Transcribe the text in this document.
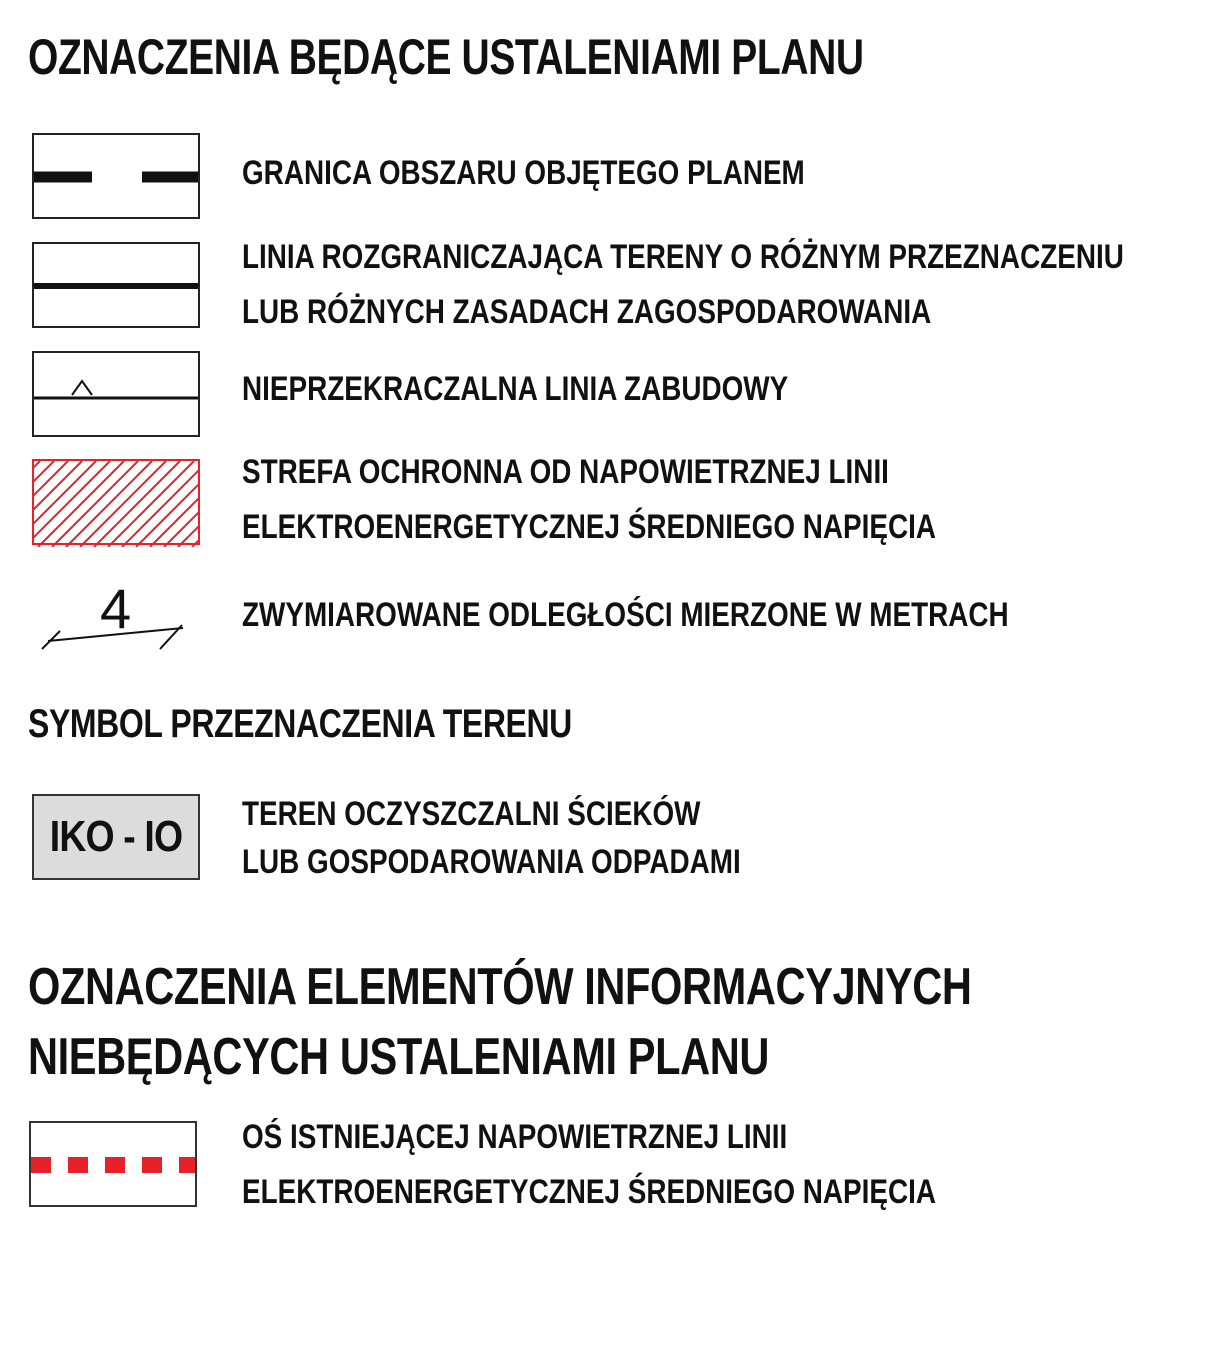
OZNACZENIA BĘDĄCE USTALENIAMI PLANU
GRANICA OBSZARU OBJĘTEGO PLANEM
LINIA ROZGRANICZAJĄCA TERENY O RÓŻNYM PRZEZNACZENIU
LUB RÓŻNYCH ZASADACH ZAGOSPODAROWANIA
NIEPRZEKRACZALNA LINIA ZABUDOWY
STREFA OCHRONNA OD NAPOWIETRZNEJ LINII
ELEKTROENERGETYCZNEJ ŚREDNIEGO NAPIĘCIA
4	ZWYMIAROWANE ODLEGŁOŚCI MIERZONE W METRACH
SYMBOL PRZEZNACZENIA TERENU
IKO - IO TEREN OCZYSZCZALNI ŚCIEKÓW
LUB GOSPODAROWANIA ODPADAMI
OZNACZENIA ELEMENTÓW INFORMACYJNYCH
NIEBĘDĄCYCH USTALENIAMI PLANU
OŚ ISTNIEJĄCEJ NAPOWIETRZNEJ LINII
ELEKTROENERGETYCZNEJ ŚREDNIEGO NAPIĘCIA
